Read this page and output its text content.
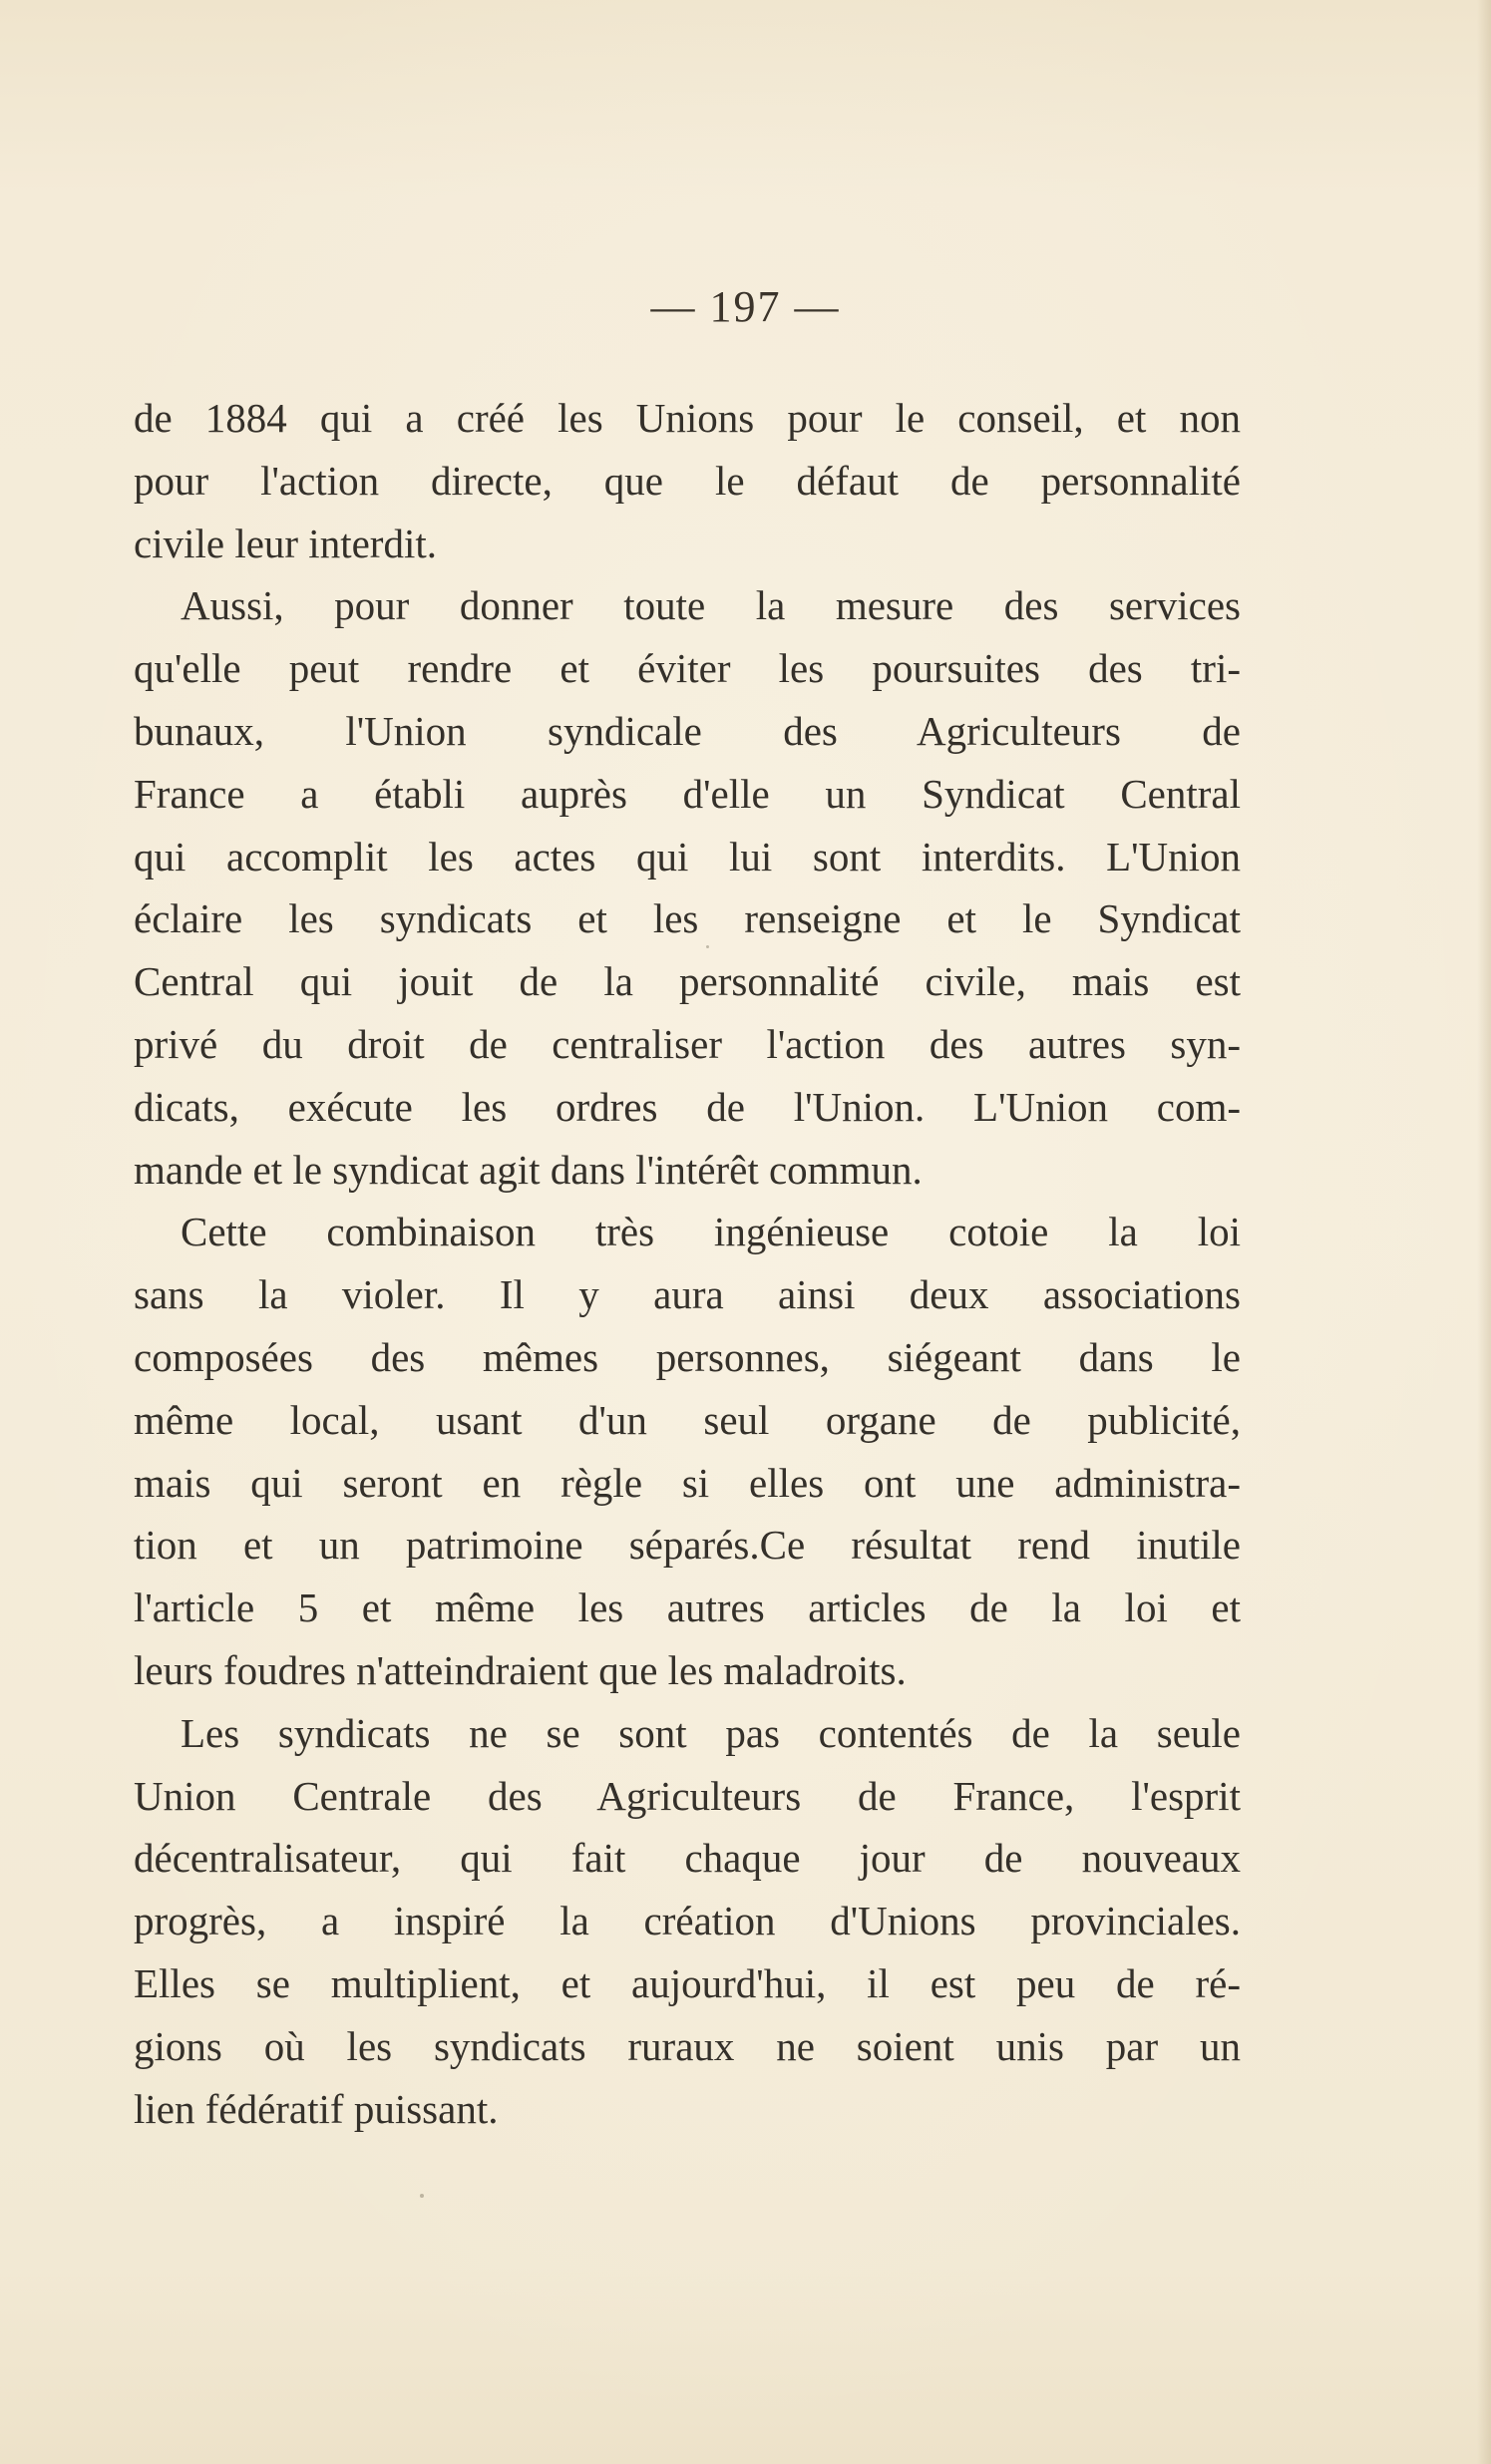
— 197 —
de 1884 qui a créé les Unions pour le conseil, et non
pour l'action directe, que le défaut de personnalité
civile leur interdit.
Aussi, pour donner toute la mesure des services
qu'elle peut rendre et éviter les poursuites des tri-
bunaux, l'Union syndicale des Agriculteurs de
France a établi auprès d'elle un Syndicat Central
qui accomplit les actes qui lui sont interdits. L'Union
éclaire les syndicats et les renseigne et le Syndicat
Central qui jouit de la personnalité civile, mais est
privé du droit de centraliser l'action des autres syn-
dicats, exécute les ordres de l'Union. L'Union com-
mande et le syndicat agit dans l'intérêt commun.
Cette combinaison très ingénieuse cotoie la loi
sans la violer. Il y aura ainsi deux associations
composées des mêmes personnes, siégeant dans le
même local, usant d'un seul organe de publicité,
mais qui seront en règle si elles ont une administra-
tion et un patrimoine séparés.Ce résultat rend inutile
l'article 5 et même les autres articles de la loi et
leurs foudres n'atteindraient que les maladroits.
Les syndicats ne se sont pas contentés de la seule
Union Centrale des Agriculteurs de France, l'esprit
décentralisateur, qui fait chaque jour de nouveaux
progrès, a inspiré la création d'Unions provinciales.
Elles se multiplient, et aujourd'hui, il est peu de ré-
gions où les syndicats ruraux ne soient unis par un
lien fédératif puissant.
